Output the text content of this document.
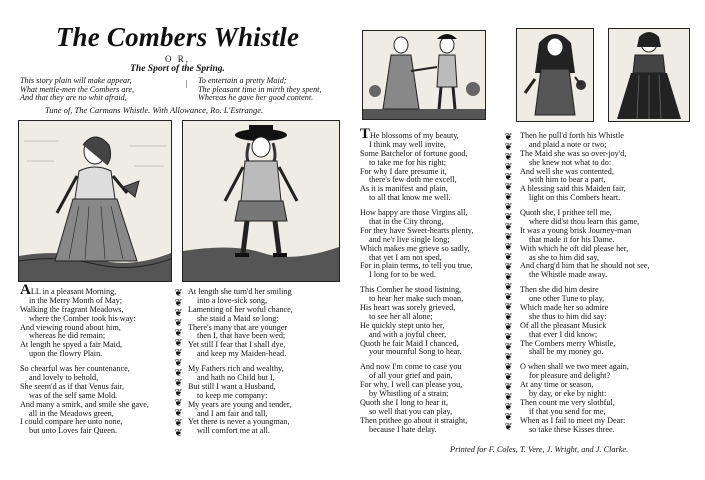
The Combers Whistle
O R,
The Sport of the Spring.
This story plain will make appear,
What mettle-men the Combers are,
And that they are no whit afraid,
|	To entertain a pretty Maid;
The pleasant time in mirth they spent,
Whereas he gave her good content.
Tune of, The Carmans Whistle. With Allowance, Ro. L'Estrange.
ALL in a pleasant Morning,
in the Merry Month of May;
Walking the fragrant Meadows,
where the Comber took his way:
And viewing round about him,
whereas he did remain;
At length he spyed a fair Maid,
upon the flowry Plain.
So chearful was her countenance,
and lovely to behold,
She seem'd as if that Venus fair,
was of the self same Mold.
And many a smirk, and smile she gave,
all in the Meadows green,
I could compare her unto none,
but unto Loves fair Queen.
❦
❦
❦
❦
❦
❦
❦
❦
❦
❦
❦
❦
❦
❦
❦
At length she turn'd her smiling
into a love-sick song,
Lamenting of her woful chance,
she staid a Maid so long:
There's many that are younger
then I, that have been wed;
Yet still I fear that I shall dye,
and keep my Maiden-head.
My Fathers rich and wealthy,
and hath no Child but I,
But still I want a Husband,
to keep me company:
My years are young and tender,
and I am fair and tall,
Yet there is never a youngman,
will comfort me at all.
THe blossoms of my beauty,
I think may well invite,
Some Batchelor of fortune good,
to take me for his right;
For why I dare presume it,
there's few doth me excell,
As it is manifest and plain,
to all that know me well.
How happy are those Virgins all,
that in the City throng,
For they have Sweet-hearts plenty,
and ne'r live single long;
Which makes me grieve so sadly,
that yet I am not sped,
For in plain terms, to tell you true,
I long for to be wed.
This Comber he stood listning,
to hear her make such moan,
His heart was sorely grieved,
to see her all alone;
He quickly stept unto her,
and with a joyful cheer,
Quoth he fair Maid I chanced,
your mournful Song to hear.
And now I'm come to case you
of all your grief and pain,
For why, I well can please you,
by Whistling of a strain;
Quoth she I long to hear it,
so well that you can play,
Then prithee go about it straight,
because I hate delay.
❦
❦
❦
❦
❦
❦
❦
❦
❦
❦
❦
❦
❦
❦
❦
❦
❦
❦
❦
❦
❦
❦
❦
❦
❦
❦
❦
❦
❦
❦
Then he pull'd forth his Whistle
and plaid a note or two;
The Maid she was so over-joy'd,
she knew not what to do:
And well she was contented,
with him to bear a part,
A blessing said this Maiden fair,
light on this Combers heart.
Quoth she, I prithee tell me,
where did'st thou learn this game,
It was a young brisk Journey-man
that made it for his Dame.
With which he oft did please her,
as she to him did say,
And charg'd him that he should not see,
the Whistle made away.
Then she did him desire
one other Tune to play,
Which made her so admire
she thus to him did say:
Of all the pleasant Musick
that ever I did know;
The Combers merry Whistle,
shall be my money go.
O when shall we two meet again,
for pleasure and delight?
At any time or season,
by day, or eke by night:
Then count me very slothful,
if that you send for me,
When as I fail to meet my Dear:
so take these Kisses three.
Printed for F. Coles, T. Vere, J. Wright, and J. Clarke.
